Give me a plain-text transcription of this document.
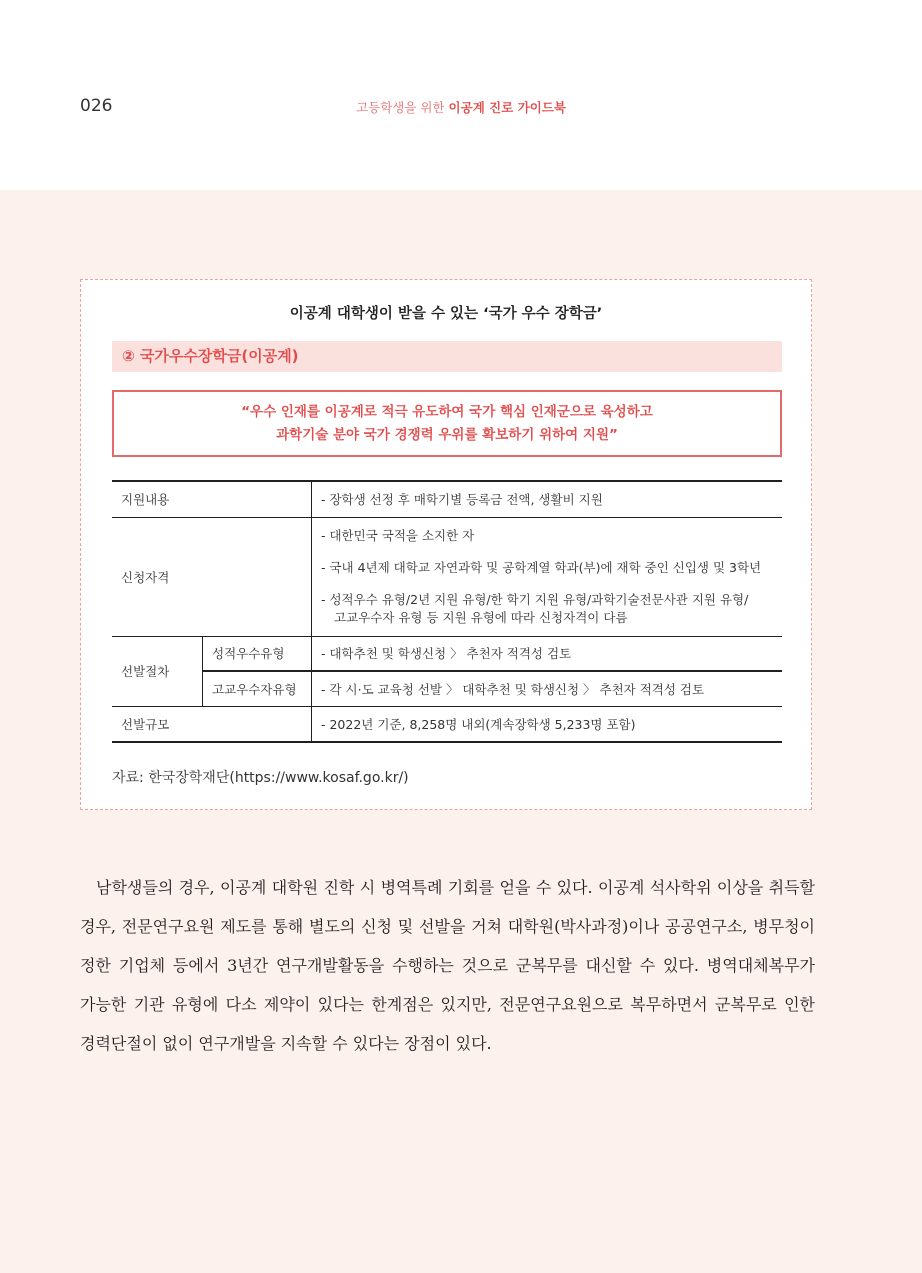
026	고등학생을 위한 이공계 진로 가이드북
이공계 대학생이 받을 수 있는 ‘국가 우수 장학금’
② 국가우수장학금(이공계)
“우수 인재를 이공계로 적극 유도하여 국가 핵심 인재군으로 육성하고
과학기술 분야 국가 경쟁력 우위를 확보하기 위하여 지원”
지원내용		- 장학생 선정 후 매학기별 등록금 전액, 생활비 지원
신청자격		- 대한민국 국적을 소지한 자
- 국내 4년제 대학교 자연과학 및 공학계열 학과(부)에 재학 중인 신입생 및 3학년
- 성적우수 유형/2년 지원 유형/한 학기 지원 유형/과학기술전문사관 지원 유형/
고교우수자 유형 등 지원 유형에 따라 신청자격이 다름

선발절차	성적우수유형	- 대학추천 및 학생신청 〉 추천자 적격성 검토
	고교우수자유형	- 각 시·도 교육청 선발 〉 대학추천 및 학생신청 〉 추천자 적격성 검토
선발규모		- 2022년 기준, 8,258명 내외(계속장학생 5,233명 포함)
자료: 한국장학재단(https://www.kosaf.go.kr/)
남학생들의 경우, 이공계 대학원 진학 시 병역특례 기회를 얻을 수 있다. 이공계 석사학위 이상을 취득할
경우, 전문연구요원 제도를 통해 별도의 신청 및 선발을 거쳐 대학원(박사과정)이나 공공연구소, 병무청이
정한 기업체 등에서 3년간 연구개발활동을 수행하는 것으로 군복무를 대신할 수 있다. 병역대체복무가
가능한 기관 유형에 다소 제약이 있다는 한계점은 있지만, 전문연구요원으로 복무하면서 군복무로 인한
경력단절이 없이 연구개발을 지속할 수 있다는 장점이 있다.
